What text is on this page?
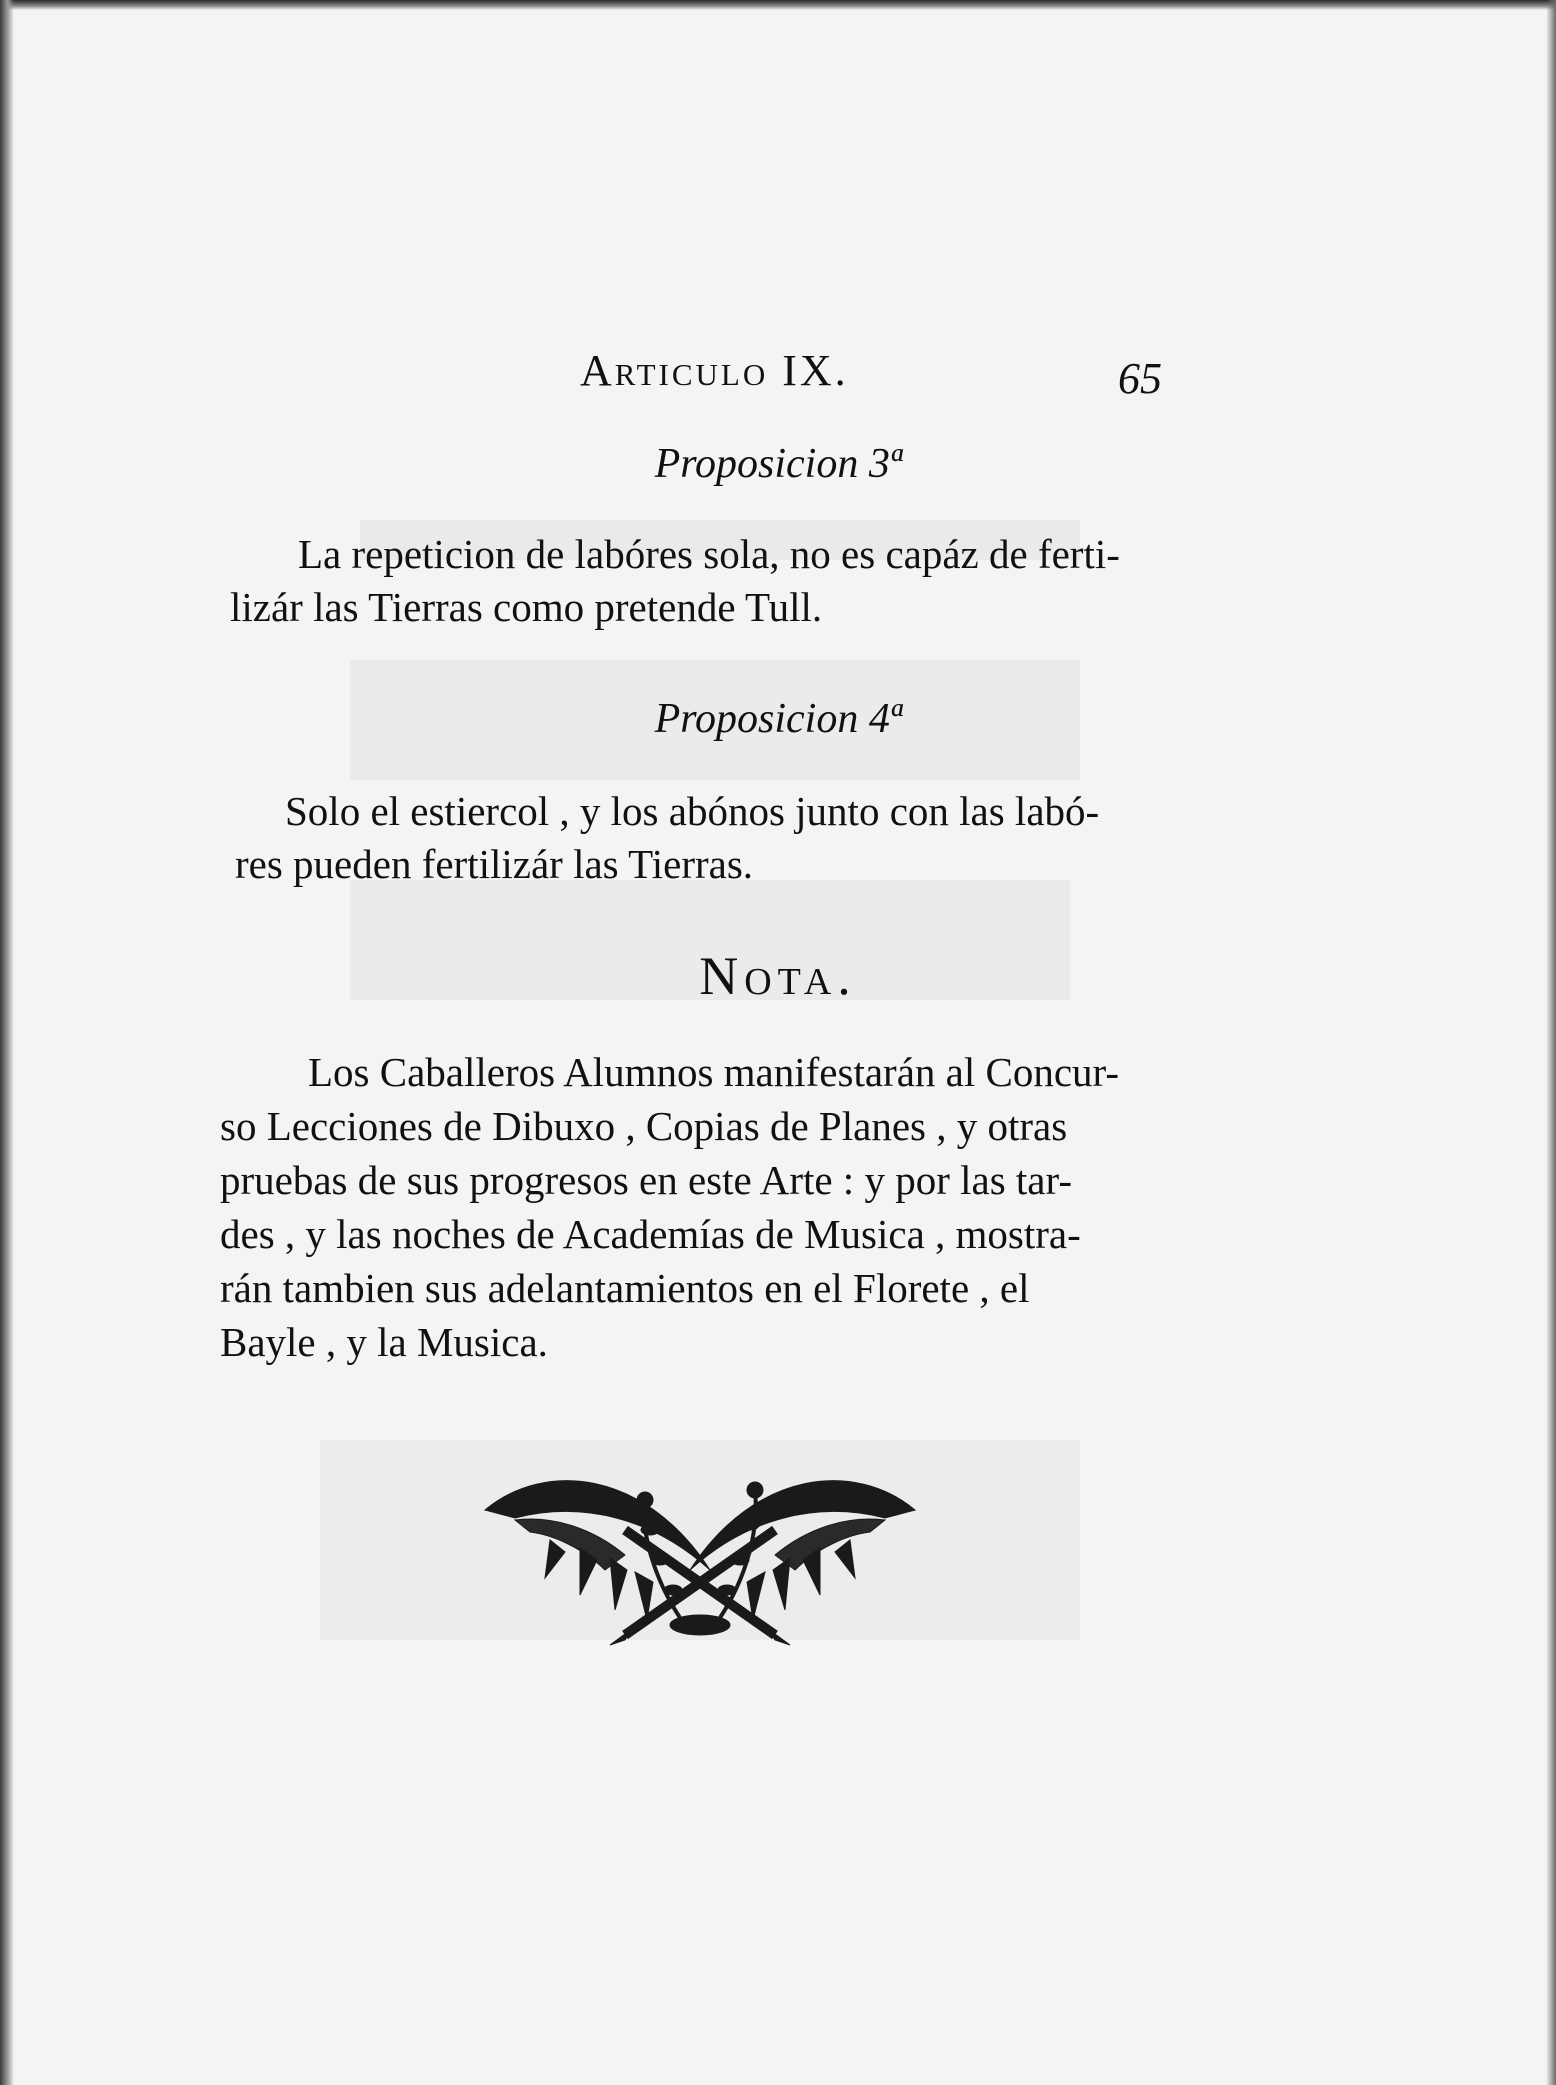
Articulo IX.	65
Proposicion 3ª
La repeticion de labóres sola, no es capáz de ferti-
lizár las Tierras como pretende Tull.
Proposicion 4ª
Solo el estiercol , y los abónos junto con las labó-
res pueden fertilizár las Tierras.
Nota.
Los Caballeros Alumnos manifestarán al Concur-
so Lecciones de Dibuxo , Copias de Planes , y otras
pruebas de sus progresos en este Arte : y por las tar-
des , y las noches de Academías de Musica , mostra-
rán tambien sus adelantamientos en el Florete , el
Bayle , y la Musica.
